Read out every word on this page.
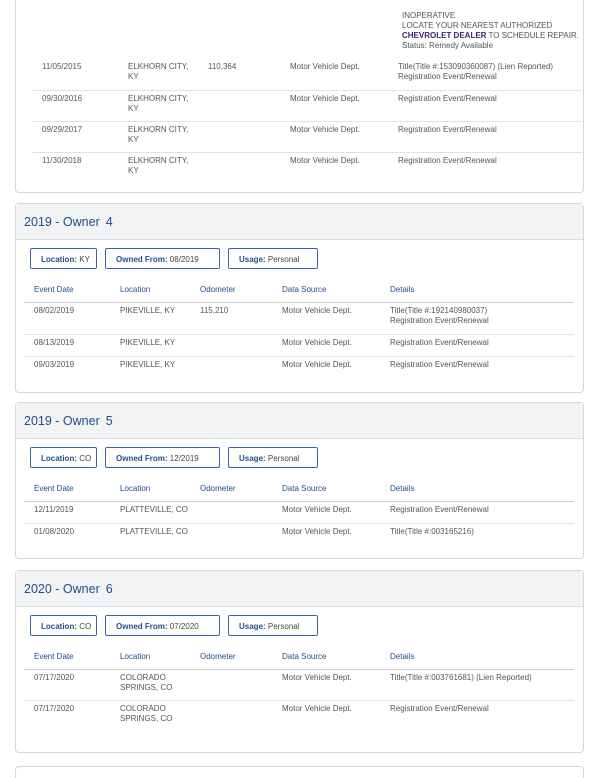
INOPERATIVE
LOCATE YOUR NEAREST AUTHORIZED
CHEVROLET DEALER TO SCHEDULE REPAIR.
Status: Remedy Available
11/05/2015	ELKHORN CITY, KY	110,364	Motor Vehicle Dept.	Title(Title #:153090360087) (Lien Reported)
Registration Event/Renewal

09/30/2016	ELKHORN CITY, KY		Motor Vehicle Dept.	Registration Event/Renewal

09/29/2017	ELKHORN CITY, KY		Motor Vehicle Dept.	Registration Event/Renewal

11/30/2018	ELKHORN CITY, KY		Motor Vehicle Dept.	Registration Event/Renewal
2019 - Owner 4
Location: KY	Owned From: 08/2019	Usage: Personal
Event Date	Location	Odometer	Data Source	Details
08/02/2019	PIKEVILLE, KY	115,210	Motor Vehicle Dept.	Title(Title #:192140980037)
Registration Event/Renewal

08/13/2019	PIKEVILLE, KY		Motor Vehicle Dept.	Registration Event/Renewal

09/03/2019	PIKEVILLE, KY		Motor Vehicle Dept.	Registration Event/Renewal
2019 - Owner 5
Location: CO	Owned From: 12/2019	Usage: Personal
Event Date	Location	Odometer	Data Source	Details
12/11/2019	PLATTEVILLE, CO		Motor Vehicle Dept.	Registration Event/Renewal

01/08/2020	PLATTEVILLE, CO		Motor Vehicle Dept.	Title(Title #:003165216)
2020 - Owner 6
Location: CO	Owned From: 07/2020	Usage: Personal
Event Date	Location	Odometer	Data Source	Details
07/17/2020	COLORADO SPRINGS, CO		Motor Vehicle Dept.	Title(Title #:003761681) (Lien Reported)

07/17/2020	COLORADO SPRINGS, CO		Motor Vehicle Dept.	Registration Event/Renewal
